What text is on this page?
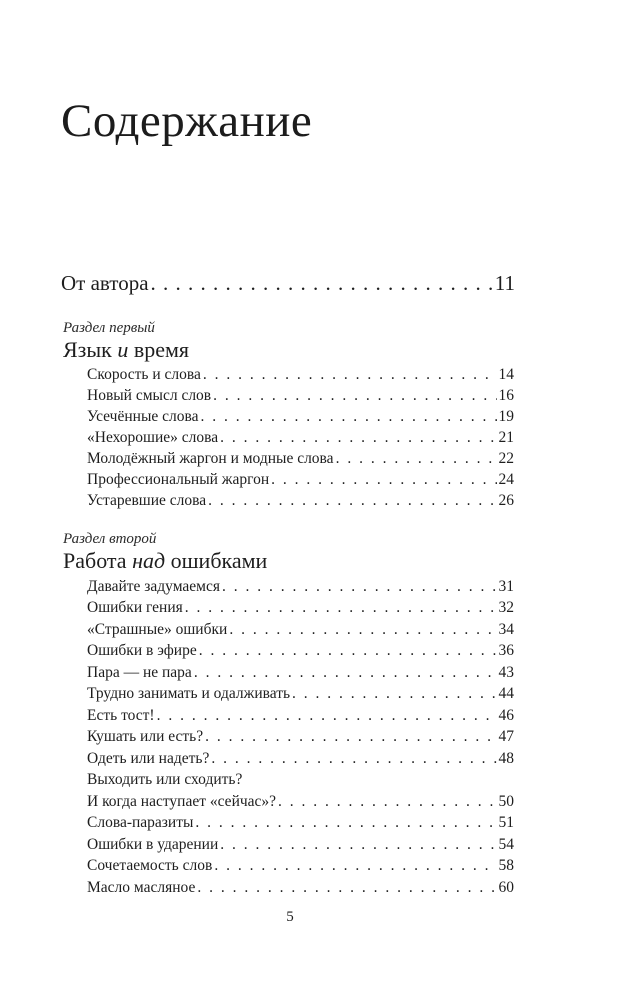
Содержание
От автора . . .	11
Раздел первый
Язык и время
Скорость и слова . . .	14
Новый смысл слов . . .	16
Усечённые слова . . .	19
«Нехорошие» слова . . .	21
Молодёжный жаргон и модные слова . . .	22
Профессиональный жаргон . . .	24
Устаревшие слова . . .	26
Раздел второй
Работа над ошибками
Давайте задумаемся . . .	31
Ошибки гения . . .	32
«Страшные» ошибки . . .	34
Ошибки в эфире . . .	36
Пара — не пара . . .	43
Трудно занимать и одалживать . . .	44
Есть тост! . . .	46
Кушать или есть? . . .	47
Одеть или надеть? . . .	48
Выходить или сходить?
И когда наступает «сейчас»? . . .	50
Слова-паразиты . . .	51
Ошибки в ударении . . .	54
Сочетаемость слов . . .	58
Масло масляное . . .	60
5
